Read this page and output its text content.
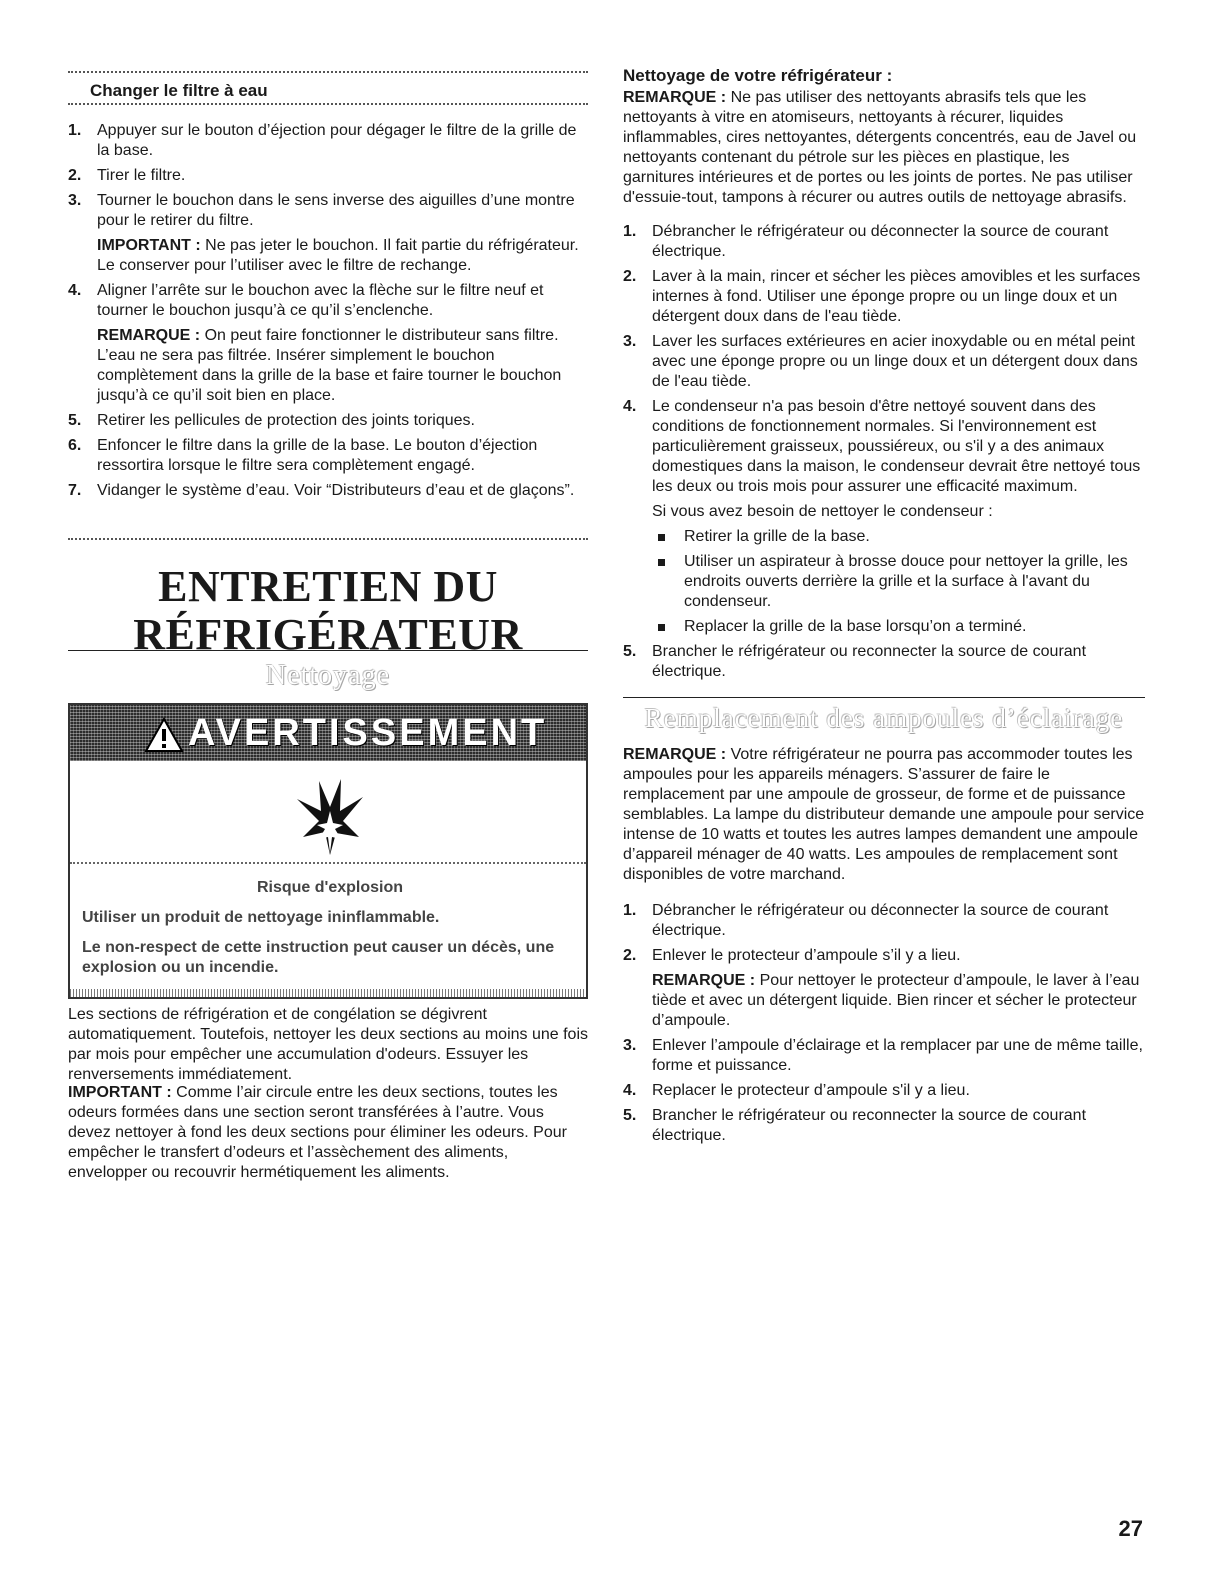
Changer le filtre à eau
1. Appuyer sur le bouton d’éjection pour dégager le filtre de la grille de la base.
2. Tirer le filtre.
3. Tourner le bouchon dans le sens inverse des aiguilles d’une montre pour le retirer du filtre.
IMPORTANT : Ne pas jeter le bouchon. Il fait partie du réfrigérateur. Le conserver pour l’utiliser avec le filtre de rechange.
4. Aligner l’arrête sur le bouchon avec la flèche sur le filtre neuf et tourner le bouchon jusqu’à ce qu’il s’enclenche.
REMARQUE : On peut faire fonctionner le distributeur sans filtre. L’eau ne sera pas filtrée. Insérer simplement le bouchon complètement dans la grille de la base et faire tourner le bouchon jusqu’à ce qu’il soit bien en place.
5. Retirer les pellicules de protection des joints toriques.
6. Enfoncer le filtre dans la grille de la base. Le bouton d’éjection ressortira lorsque le filtre sera complètement engagé.
7. Vidanger le système d’eau. Voir “Distributeurs d’eau et de glaçons”.
ENTRETIEN DU
RÉFRIGÉRATEUR
Nettoyage
AVERTISSEMENT
Risque d'explosion
Utiliser un produit de nettoyage ininflammable.
Le non-respect de cette instruction peut causer un décès, une explosion ou un incendie.

Les sections de réfrigération et de congélation se dégivrent automatiquement. Toutefois, nettoyer les deux sections au moins une fois par mois pour empêcher une accumulation d'odeurs. Essuyer les renversements immédiatement.

IMPORTANT : Comme l’air circule entre les deux sections, toutes les odeurs formées dans une section seront transférées à l’autre. Vous devez nettoyer à fond les deux sections pour éliminer les odeurs. Pour empêcher le transfert d’odeurs et l’assèchement des aliments, envelopper ou recouvrir hermétiquement les aliments.

Nettoyage de votre réfrigérateur :

REMARQUE : Ne pas utiliser des nettoyants abrasifs tels que les nettoyants à vitre en atomiseurs, nettoyants à récurer, liquides inflammables, cires nettoyantes, détergents concentrés, eau de Javel ou nettoyants contenant du pétrole sur les pièces en plastique, les garnitures intérieures et de portes ou les joints de portes. Ne pas utiliser d'essuie-tout, tampons à récurer ou autres outils de nettoyage abrasifs.

1. Débrancher le réfrigérateur ou déconnecter la source de courant électrique.
2. Laver à la main, rincer et sécher les pièces amovibles et les surfaces internes à fond. Utiliser une éponge propre ou un linge doux et un détergent doux dans de l'eau tiède.
3. Laver les surfaces extérieures en acier inoxydable ou en métal peint avec une éponge propre ou un linge doux et un détergent doux dans de l'eau tiède.
4. Le condenseur n'a pas besoin d'être nettoyé souvent dans des conditions de fonctionnement normales. Si l'environnement est particulièrement graisseux, poussiéreux, ou s'il y a des animaux domestiques dans la maison, le condenseur devrait être nettoyé tous les deux ou trois mois pour assurer une efficacité maximum.
Si vous avez besoin de nettoyer le condenseur :
Retirer la grille de la base.
Utiliser un aspirateur à brosse douce pour nettoyer la grille, les endroits ouverts derrière la grille et la surface à l'avant du condenseur.
Replacer la grille de la base lorsqu’on a terminé.
5. Brancher le réfrigérateur ou reconnecter la source de courant électrique.
Remplacement des ampoules d’éclairage

REMARQUE : Votre réfrigérateur ne pourra pas accommoder toutes les ampoules pour les appareils ménagers. S’assurer de faire le remplacement par une ampoule de grosseur, de forme et de puissance semblables. La lampe du distributeur demande une ampoule pour service intense de 10 watts et toutes les autres lampes demandent une ampoule d’appareil ménager de 40 watts. Les ampoules de remplacement sont disponibles de votre marchand.

1. Débrancher le réfrigérateur ou déconnecter la source de courant électrique.
2. Enlever le protecteur d’ampoule s’il y a lieu.
REMARQUE : Pour nettoyer le protecteur d’ampoule, le laver à l’eau tiède et avec un détergent liquide. Bien rincer et sécher le protecteur d’ampoule.
3. Enlever l’ampoule d’éclairage et la remplacer par une de même taille, forme et puissance.
4. Replacer le protecteur d’ampoule s'il y a lieu.
5. Brancher le réfrigérateur ou reconnecter la source de courant électrique.
27
